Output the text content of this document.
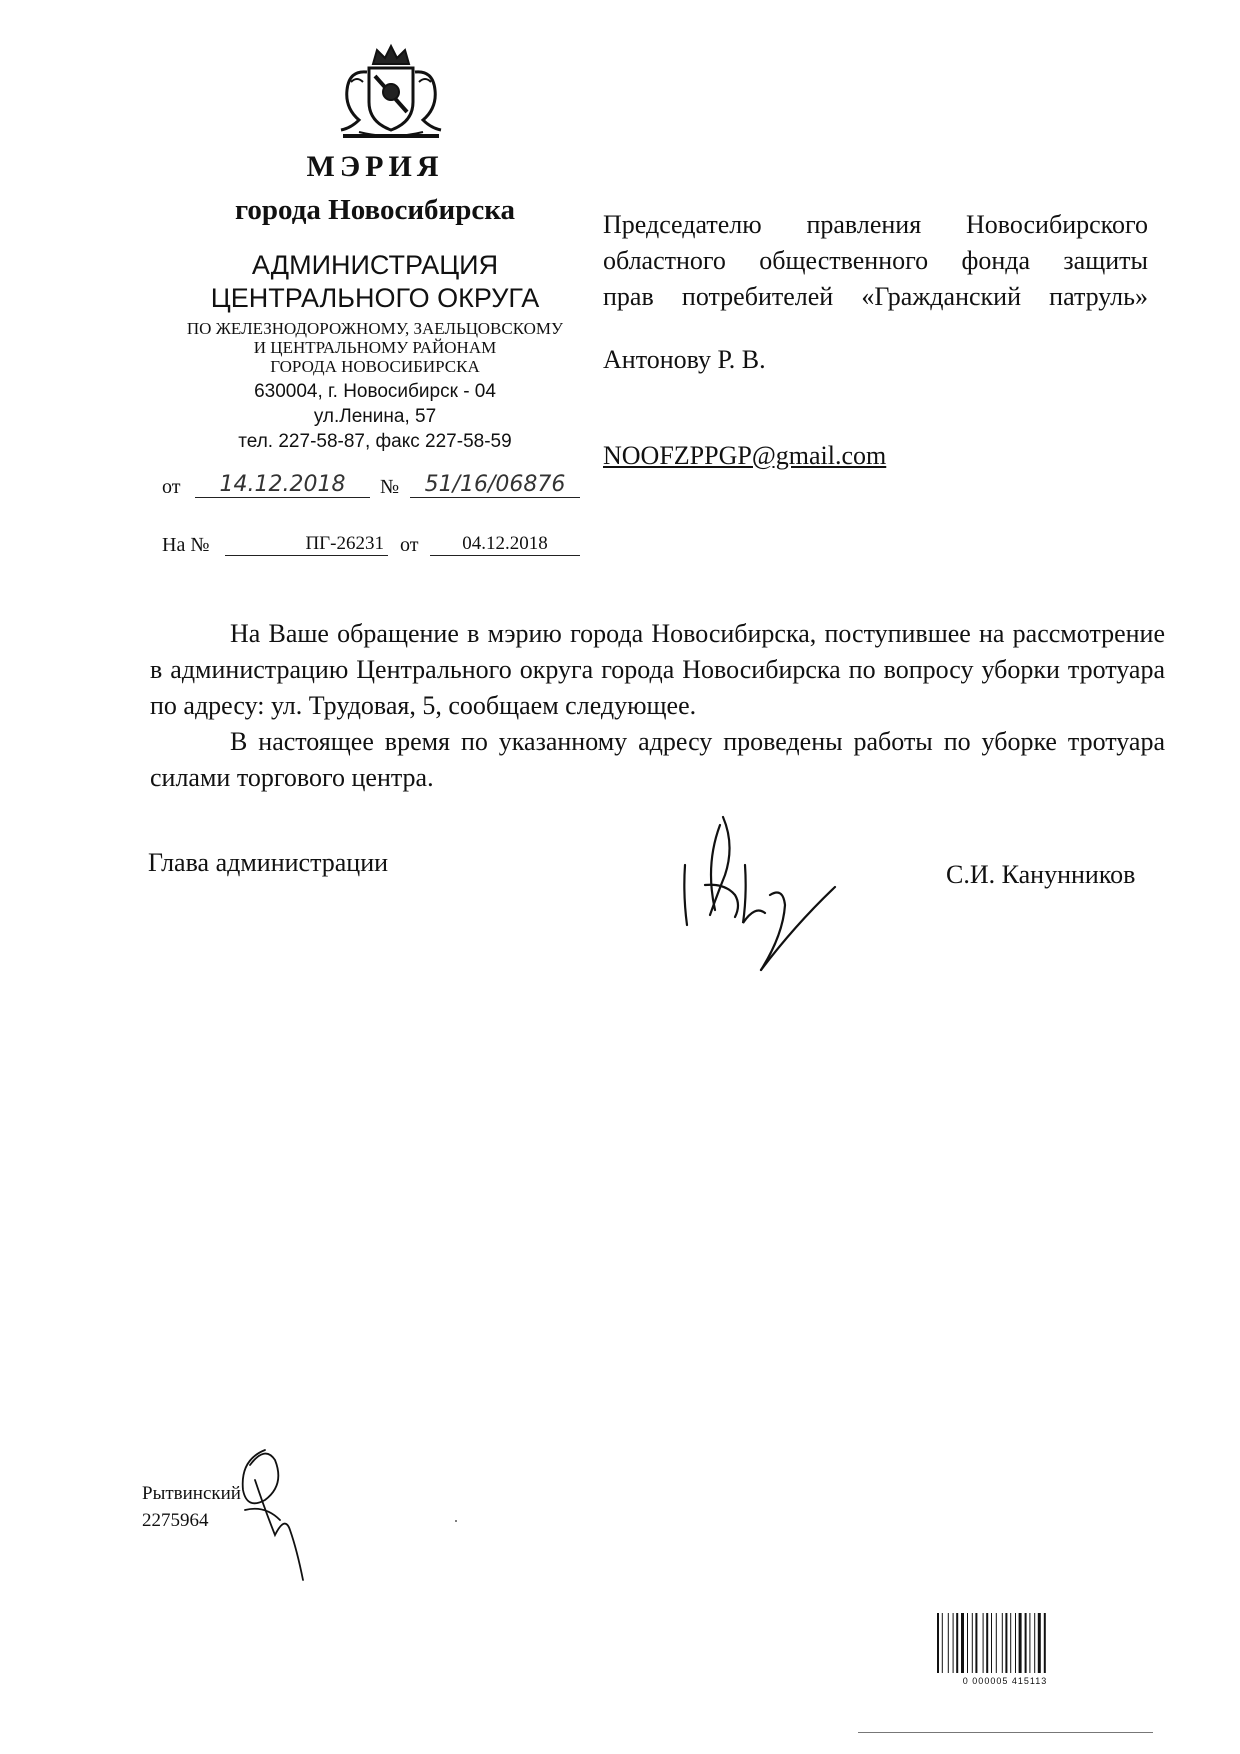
МЭРИЯ
города Новосибирска
АДМИНИСТРАЦИЯ
ЦЕНТРАЛЬНОГО ОКРУГА
ПО ЖЕЛЕЗНОДОРОЖНОМУ, ЗАЕЛЬЦОВСКОМУ
И ЦЕНТРАЛЬНОМУ РАЙОНАМ
ГОРОДА НОВОСИБИРСКА
630004, г. Новосибирск - 04
ул.Ленина, 57
тел. 227-58-87, факс 227-58-59
от	14.12.2018	№	51/16/06876
На №	ПГ-26231 от	04.12.2018
Председателю правления Новосибирского
областного общественного фонда защиты
прав потребителей «Гражданский патруль»
Антонову Р. В.
NOOFZPPGP@gmail.com
На Ваше обращение в мэрию города Новосибирска, поступившее на рассмотрение в администрацию Центрального округа города Новосибирска по вопросу уборки тротуара по адресу: ул. Трудовая, 5, сообщаем следующее.
В настоящее время по указанному адресу проведены работы по уборке тротуара силами торгового центра.
Глава администрации	С.И. Канунников
Рытвинский
2275964
0 000005 415113
